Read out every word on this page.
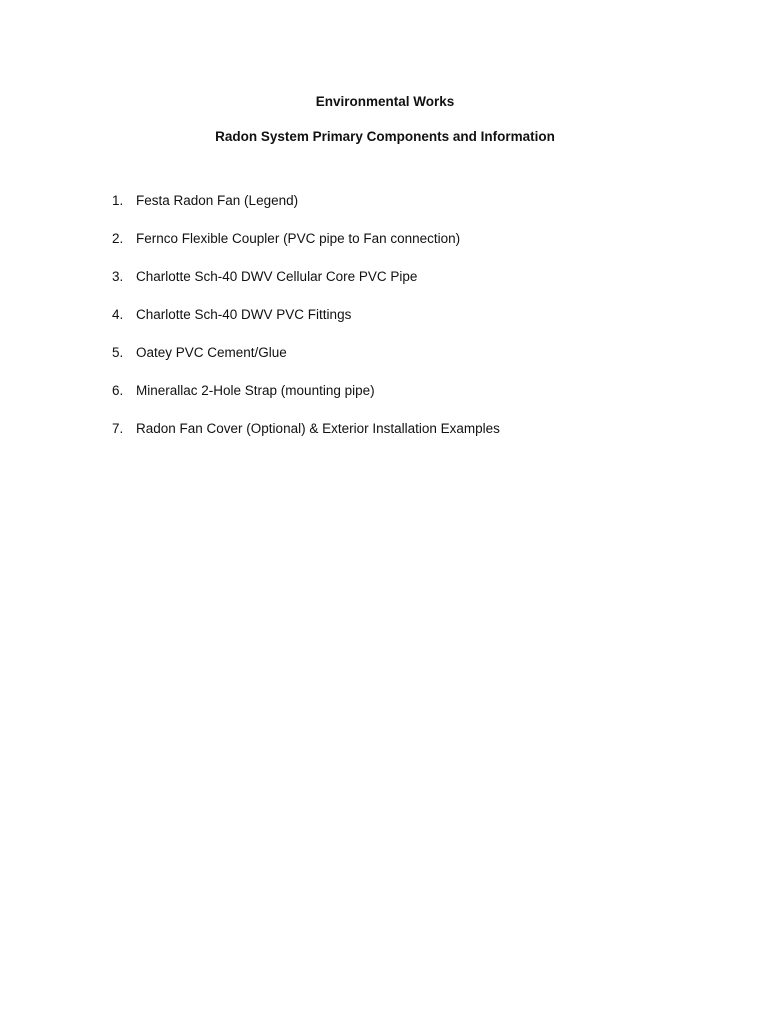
Environmental Works
Radon System Primary Components and Information
1. Festa Radon Fan (Legend)
2. Fernco Flexible Coupler (PVC pipe to Fan connection)
3. Charlotte Sch-40 DWV Cellular Core PVC Pipe
4. Charlotte Sch-40 DWV PVC Fittings
5. Oatey PVC Cement/Glue
6. Minerallac 2-Hole Strap (mounting pipe)
7. Radon Fan Cover (Optional) & Exterior Installation Examples
